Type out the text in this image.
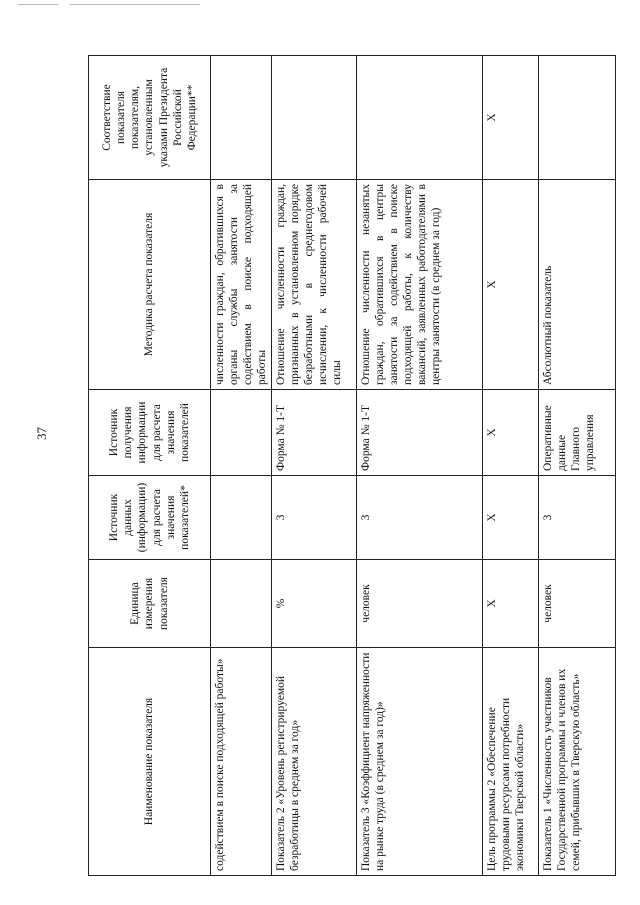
37
Наименование показателя	Единица измерения показателя	Источник данных (информации) для расчета значения показателей*	Источник получения информации для расчета значения показателей	Методика расчета показателя	Соответствие показателя показателям, установленным указами Президента Российской Федерации**
содействием в поиске подходящей работы»				численности граждан, обратившихся в органы службы занятости за содействием в поиске подходящей работы	
Показатель 2 «Уровень регистрируемой безработицы в среднем за год»	%	3	Форма № 1-Т	Отношение численности граждан, признанных в установленном порядке безработными в среднегодовом исчислении, к численности рабочей силы	
Показатель 3 «Коэффициент напряженности на рынке труда (в среднем за год)»	человек	3	Форма № 1-Т	Отношение численности незанятых граждан, обратившихся в центры занятости за содействием в поиске подходящей работы, к количеству вакансий, заявленных работодателями в центры занятости (в среднем за год)	
Цель программы 2 «Обеспечение трудовыми ресурсами потребности экономики Тверской области»	Х	Х	Х	Х	Х
Показатель 1 «Численность участников Государственной программы и членов их семей, прибывших в Тверскую область»	человек	3	Оперативные данные Главного управления	Абсолютный показатель	
